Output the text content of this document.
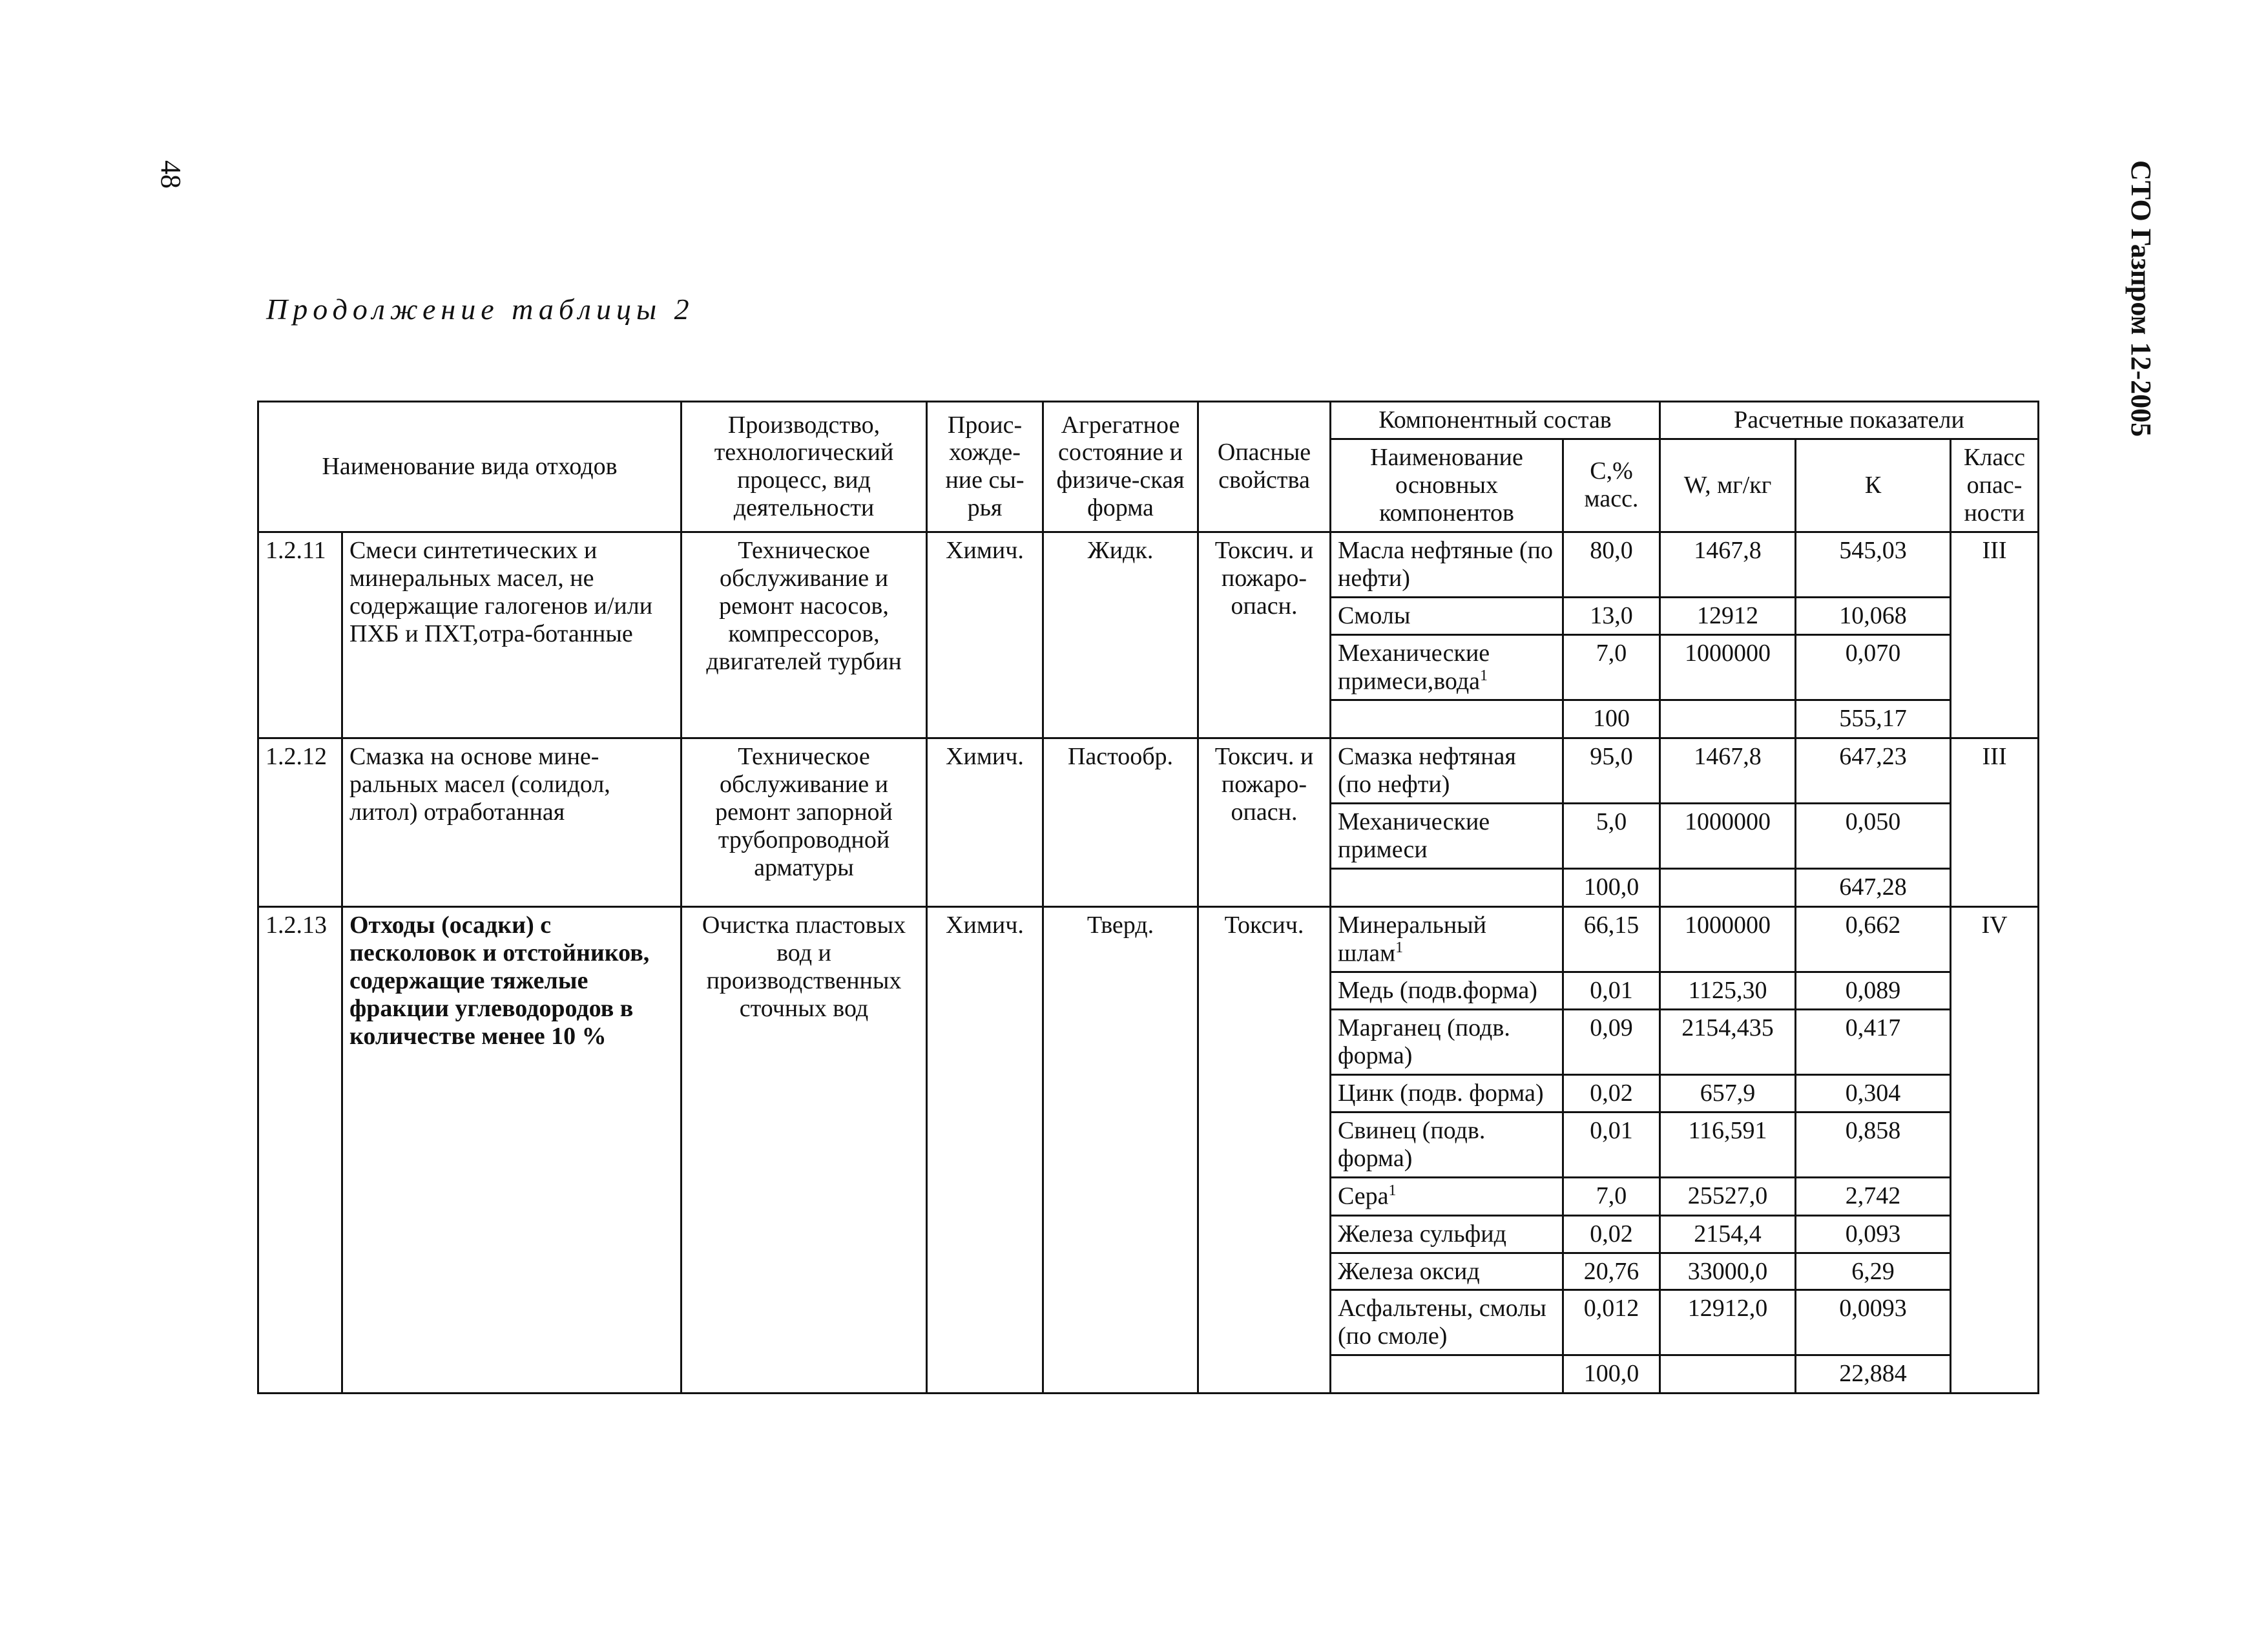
48	СТО Газпром 12-2005
Продолжение таблицы 2
Наименование вида отходов		Производство, технологический процесс, вид деятельности	Проис-хожде-ние сы-рья	Агрегатное состояние и физиче-ская форма	Опасные свойства	Компонентный состав		Расчетные показатели		
						Наименование основных компонентов	С,% масс.	W, мг/кг	К	Класс опас-ности
1.2.11	Смеси синтетических и минеральных масел, не содержащие галогенов и/или ПХБ и ПХТ,отра-ботанные	Техническое обслуживание и ремонт насосов, компрессоров, двигателей турбин	Химич.	Жидк.	Токсич. и пожаро-опасн.	Масла нефтяные (по нефти)	80,0	1467,8	545,03	III
						Смолы	13,0	12912	10,068	
						Механические примеси,вода$^1$	7,0	1000000	0,070	
							100		555,17	
1.2.12	Смазка на основе мине-ральных масел (солидол, литол) отработанная	Техническое обслуживание и ремонт запорной трубопроводной арматуры	Химич.	Пастообр.	Токсич. и пожаро-опасн.	Смазка нефтяная (по нефти)	95,0	1467,8	647,23	III
						Механические примеси	5,0	1000000	0,050	
							100,0		647,28	
1.2.13	Отходы (осадки) с песколовок и отстойников, содержащие тяжелые фракции углеводородов в количестве менее 10 %	Очистка пластовых вод и производственных сточных вод	Химич.	Тверд.	Токсич.	Минеральный шлам$^1$	66,15	1000000	0,662	IV
						Медь (подв.форма)	0,01	1125,30	0,089	
						Марганец (подв. форма)	0,09	2154,435	0,417	
						Цинк (подв. форма)	0,02	657,9	0,304	
						Свинец (подв. форма)	0,01	116,591	0,858	
						Сера$^1$	7,0	25527,0	2,742	
						Железа сульфид	0,02	2154,4	0,093	
						Железа оксид	20,76	33000,0	6,29	
						Асфальтены, смолы (по смоле)	0,012	12912,0	0,0093	
							100,0		22,884	
